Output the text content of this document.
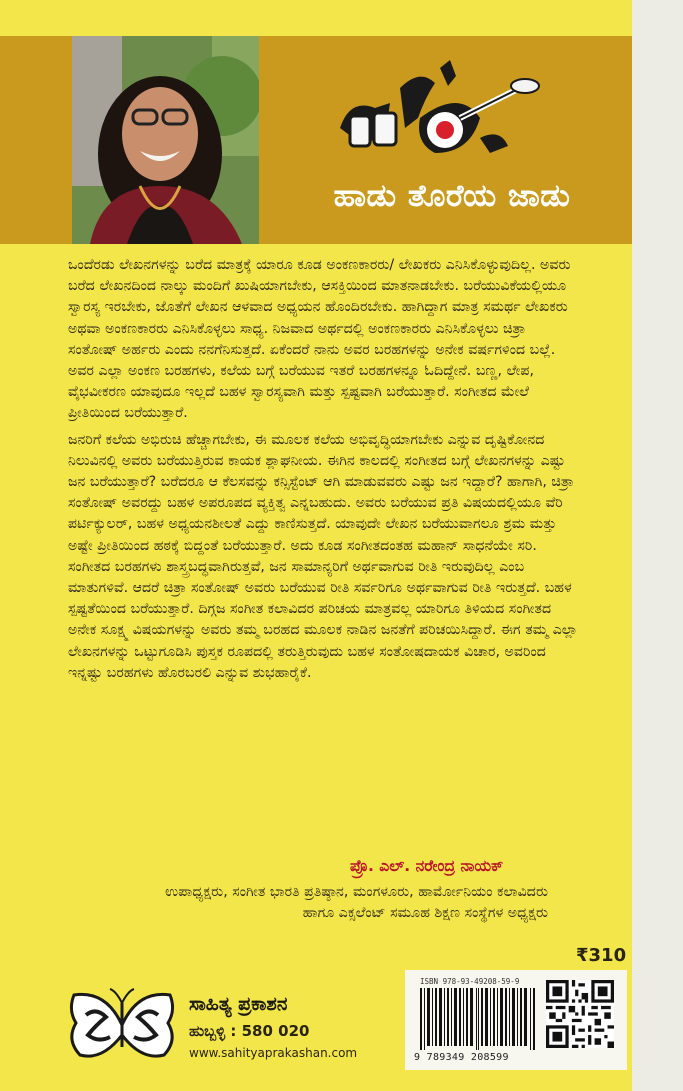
ಹಾಡು ತೊರೆಯ ಜಾಡು

ಒಂದೆರಡು ಲೇಖನಗಳನ್ನು ಬರೆದ ಮಾತ್ರಕ್ಕೆ ಯಾರೂ ಕೂಡ ಅಂಕಣಕಾರರು/ ಲೇಖಕರು ಎನಿಸಿಕೊಳ್ಳುವುದಿಲ್ಲ. ಅವರು ಬರೆದ ಲೇಖನದಿಂದ ನಾಲ್ಕು ಮಂದಿಗೆ ಖುಷಿಯಾಗಬೇಕು, ಆಸಕ್ತಿಯಿಂದ ಮಾತನಾಡಬೇಕು. ಬರೆಯುವಿಕೆಯಲ್ಲಿಯೂ ಸ್ವಾರಸ್ಯ ಇರಬೇಕು, ಜೊತೆಗೆ ಲೇಖನ ಆಳವಾದ ಅಧ್ಯಯನ ಹೊಂದಿರಬೇಕು. ಹಾಗಿದ್ದಾಗ ಮಾತ್ರ ಸಮರ್ಥ ಲೇಖಕರು ಅಥವಾ ಅಂಕಣಕಾರರು ಎನಿಸಿಕೊಳ್ಳಲು ಸಾಧ್ಯ. ನಿಜವಾದ ಅರ್ಥದಲ್ಲಿ ಅಂಕಣಕಾರರು ಎನಿಸಿಕೊಳ್ಳಲು ಚಿತ್ರಾ ಸಂತೋಷ್ ಅರ್ಹರು ಎಂದು ನನಗೆನಿಸುತ್ತದೆ. ಏಕೆಂದರೆ ನಾನು ಅವರ ಬರಹಗಳನ್ನು ಅನೇಕ ವರ್ಷಗಳಿಂದ ಬಲ್ಲೆ. ಅವರ ಎಲ್ಲಾ ಅಂಕಣ ಬರಹಗಳು, ಕಲೆಯ ಬಗ್ಗೆ ಬರೆಯುವ ಇತರೆ ಬರಹಗಳನ್ನೂ ಓದಿದ್ದೇನೆ. ಬಣ್ಣ, ಲೇಪ, ವೈಭವೀಕರಣ ಯಾವುದೂ ಇಲ್ಲದೆ ಬಹಳ ಸ್ವಾರಸ್ಯವಾಗಿ ಮತ್ತು ಸ್ಪಷ್ಟವಾಗಿ ಬರೆಯುತ್ತಾರೆ. ಸಂಗೀತದ ಮೇಲೆ ಪ್ರೀತಿಯಿಂದ ಬರೆಯುತ್ತಾರೆ.

ಜನರಿಗೆ ಕಲೆಯ ಅಭಿರುಚಿ ಹೆಚ್ಚಾಗಬೇಕು, ಈ ಮೂಲಕ ಕಲೆಯ ಅಭಿವೃದ್ಧಿಯಾಗಬೇಕು ಎನ್ನುವ ದೃಷ್ಟಿಕೋನದ ನಿಲುವಿನಲ್ಲಿ ಅವರು ಬರೆಯುತ್ತಿರುವ ಕಾಯಕ ಶ್ಲಾಘನೀಯ. ಈಗಿನ ಕಾಲದಲ್ಲಿ ಸಂಗೀತದ ಬಗ್ಗೆ ಲೇಖನಗಳನ್ನು ಎಷ್ಟು ಜನ ಬರೆಯುತ್ತಾರೆ? ಬರೆದರೂ ಆ ಕೆಲಸವನ್ನು ಕನ್ಸಿಸ್ಟೆಂಟ್ ಆಗಿ ಮಾಡುವವರು ಎಷ್ಟು ಜನ ಇದ್ದಾರೆ? ಹಾಗಾಗಿ, ಚಿತ್ರಾ ಸಂತೋಷ್ ಅವರದ್ದು ಬಹಳ ಅಪರೂಪದ ವ್ಯಕ್ತಿತ್ವ ಎನ್ನಬಹುದು. ಅವರು ಬರೆಯುವ ಪ್ರತಿ ವಿಷಯದಲ್ಲಿಯೂ ವೆರಿ ಪರ್ಟಿಕ್ಯುಲರ್, ಬಹಳ ಅಧ್ಯಯನಶೀಲತೆ ಎದ್ದು ಕಾಣಿಸುತ್ತದೆ. ಯಾವುದೇ ಲೇಖನ ಬರೆಯುವಾಗಲೂ ಶ್ರಮ ಮತ್ತು ಅಷ್ಟೇ ಪ್ರೀತಿಯಿಂದ ಹಠಕ್ಕೆ ಬಿದ್ದಂತೆ ಬರೆಯುತ್ತಾರೆ. ಅದು ಕೂಡ ಸಂಗೀತದಂತಹ ಮಹಾನ್ ಸಾಧನೆಯೇ ಸರಿ. ಸಂಗೀತದ ಬರಹಗಳು ಶಾಸ್ತ್ರಬದ್ಧವಾಗಿರುತ್ತವೆ, ಜನ ಸಾಮಾನ್ಯರಿಗೆ ಅರ್ಥವಾಗುವ ರೀತಿ ಇರುವುದಿಲ್ಲ ಎಂಬ ಮಾತುಗಳಿವೆ. ಆದರೆ ಚಿತ್ರಾ ಸಂತೋಷ್ ಅವರು ಬರೆಯುವ ರೀತಿ ಸರ್ವರಿಗೂ ಅರ್ಥವಾಗುವ ರೀತಿ ಇರುತ್ತದೆ. ಬಹಳ ಸ್ಪಷ್ಟತೆಯಿಂದ ಬರೆಯುತ್ತಾರೆ. ದಿಗ್ಗಜ ಸಂಗೀತ ಕಲಾವಿದರ ಪರಿಚಯ ಮಾತ್ರವಲ್ಲ ಯಾರಿಗೂ ತಿಳಿಯದ ಸಂಗೀತದ ಅನೇಕ ಸೂಕ್ಷ್ಮ ವಿಷಯಗಳನ್ನು ಅವರು ತಮ್ಮ ಬರಹದ ಮೂಲಕ ನಾಡಿನ ಜನತೆಗೆ ಪರಿಚಯಿಸಿದ್ದಾರೆ. ಈಗ ತಮ್ಮ ಎಲ್ಲಾ ಲೇಖನಗಳನ್ನು ಒಟ್ಟುಗೂಡಿಸಿ ಪುಸ್ತಕ ರೂಪದಲ್ಲಿ ತರುತ್ತಿರುವುದು ಬಹಳ ಸಂತೋಷದಾಯಕ ವಿಚಾರ, ಅವರಿಂದ ಇನ್ನಷ್ಟು ಬರಹಗಳು ಹೊರಬರಲಿ ಎನ್ನುವ ಶುಭಹಾರೈಕೆ.

ಪ್ರೊ. ಎಲ್. ನರೇಂದ್ರ ನಾಯಕ್
ಉಪಾಧ್ಯಕ್ಷರು, ಸಂಗೀತ ಭಾರತಿ ಪ್ರತಿಷ್ಠಾನ, ಮಂಗಳೂರು, ಹಾರ್ಮೋನಿಯಂ ಕಲಾವಿದರು
ಹಾಗೂ ಎಕ್ಸಲೆಂಟ್ ಸಮೂಹ ಶಿಕ್ಷಣ ಸಂಸ್ಥೆಗಳ ಅಧ್ಯಕ್ಷರು
₹310
ISBN 978-93-49208-59-9
9 789349 208599
ಸಾಹಿತ್ಯ ಪ್ರಕಾಶನ
ಹುಬ್ಬಳ್ಳಿ : 580 020
www.sahityaprakashan.com
